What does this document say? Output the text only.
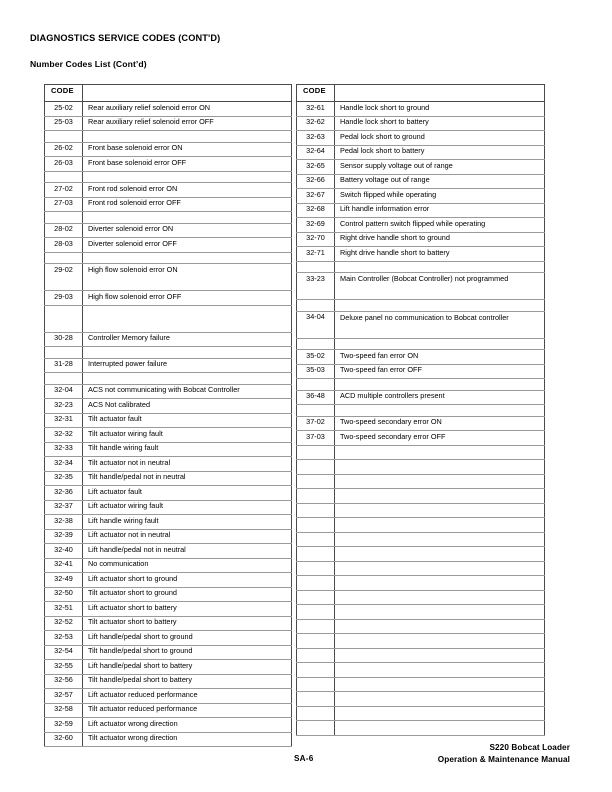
DIAGNOSTICS SERVICE CODES (CONT'D)
Number Codes List (Cont’d)
CODE	
25-02	Rear auxiliary relief solenoid error ON
25-03	Rear auxiliary relief solenoid error OFF

26-02	Front base solenoid error ON
26-03	Front base solenoid error OFF

27-02	Front rod solenoid error ON
27-03	Front rod solenoid error OFF

28-02	Diverter solenoid error ON
28-03	Diverter solenoid error OFF

29-02	High flow solenoid error ON
29-03	High flow solenoid error OFF

30-28	Controller Memory failure

31-28	Interrupted power failure

32-04	ACS not communicating with Bobcat Controller
32-23	ACS Not calibrated
32-31	Tilt actuator fault
32-32	Tilt actuator wiring fault
32-33	Tilt handle wiring fault
32-34	Tilt actuator not in neutral
32-35	Tilt handle/pedal not in neutral
32-36	Lift actuator fault
32-37	Lift actuator wiring fault
32-38	Lift handle wiring fault
32-39	Lift actuator not in neutral
32-40	Lift handle/pedal not in neutral
32-41	No communication
32-49	Lift actuator short to ground
32-50	Tilt actuator short to ground
32-51	Lift actuator short to battery
32-52	Tilt actuator short to battery
32-53	Lift handle/pedal short to ground
32-54	Tilt handle/pedal short to ground
32-55	Lift handle/pedal short to battery
32-56	Tilt handle/pedal short to battery
32-57	Lift actuator reduced performance
32-58	Tilt actuator reduced performance
32-59	Lift actuator wrong direction
32-60	Tilt actuator wrong direction
CODE	
32-61	Handle lock short to ground
32-62	Handle lock short to battery
32-63	Pedal lock short to ground
32-64	Pedal lock short to battery
32-65	Sensor supply voltage out of range
32-66	Battery voltage out of range
32-67	Switch flipped while operating
32-68	Lift handle information error
32-69	Control pattern switch flipped while operating
32-70	Right drive handle short to ground
32-71	Right drive handle short to battery

33-23	Main Controller (Bobcat Controller) not programmed

34-04	Deluxe panel no communication to Bobcat controller

35-02	Two-speed fan error ON
35-03	Two-speed fan error OFF

36-48	ACD multiple controllers present

37-02	Two-speed secondary error ON
37-03	Two-speed secondary error OFF

SA-6
S220 Bobcat Loader
Operation & Maintenance Manual
